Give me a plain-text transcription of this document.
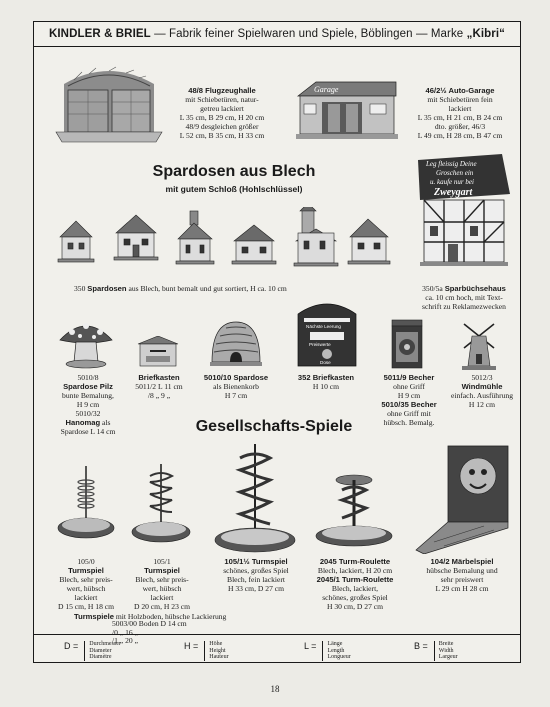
KINDLER & BRIEL
— Fabrik feiner Spielwaren und Spiele, Böblingen — Marke
„Kibri“
48/8 Flugzeughalle
mit Schiebetüren, natur-
getreu lackiert
L 35 cm, B 29 cm, H 20 cm
48/9 desgleichen größer
L 52 cm, B 35 cm, H 33 cm
Garage	46/2½ Auto-Garage
mit Schiebetüren fein
lackiert
L 35 cm, H 21 cm, B 24 cm
dto. größer, 46/3
L 49 cm, H 28 cm, B 47 cm
Spardosen aus Blech
mit gutem Schloß (Hohlschlüssel)
350 Spardosen aus Blech, bunt bemalt und gut sortiert, H ca. 10 cm
Leg fleissig Deine
Groschen ein
u. kaufe nur bei
Zweygart
350/5a Sparbüchsehaus
ca. 10 cm hoch, mit Text-
schrift zu Reklamezwecken
5010/8
Spardose Pilz
bunte Bemalung,
H 9 cm
5010/32
Hanomag als
Spardose L 14 cm
Briefkasten
5011/2 L 11 cm
/8 „ 9 „
5010/10 Spardose
als Bienenkorb
H 7 cm
Nächste Leerung
Preiswerte
Dose
352 Briefkasten
H 10 cm
5011/9 Becher
ohne Griff
H 9 cm
5010/35 Becher
ohne Griff mit
hübsch. Bemalg.
5012/3
Windmühle
einfach. Ausführung
H 12 cm
Gesellschafts-Spiele
105/0
Turmspiel
Blech, sehr preis-
wert, hübsch
lackiert
D 15 cm, H 18 cm
105/1
Turmspiel
Blech, sehr preis-
wert, hübsch
lackiert
D 20 cm, H 23 cm
105/1½ Turmspiel
schönes, großes Spiel
Blech, fein lackiert
H 33 cm, D 27 cm
2045 Turm-Roulette
Blech, lackiert, H 20 cm
2045/1 Turm-Roulette
Blech, lackiert,
schönes, großes Spiel
H 30 cm, D 27 cm
104/2 Märbelspiel
hübsche Bemalung und
sehr preiswert
L 29 cm H 28 cm
Turmspiele mit Holzboden, hübsche Lackierung

D = Durchmesser
Diameter
Diamètre
H = Höhe
Height
Hauteur
L = Länge
Length
Longueur
B = Breite
Width
Largeur
5003/00 Boden D 14 cm
/0 „ 16 „
/1 „ 20 „
18
